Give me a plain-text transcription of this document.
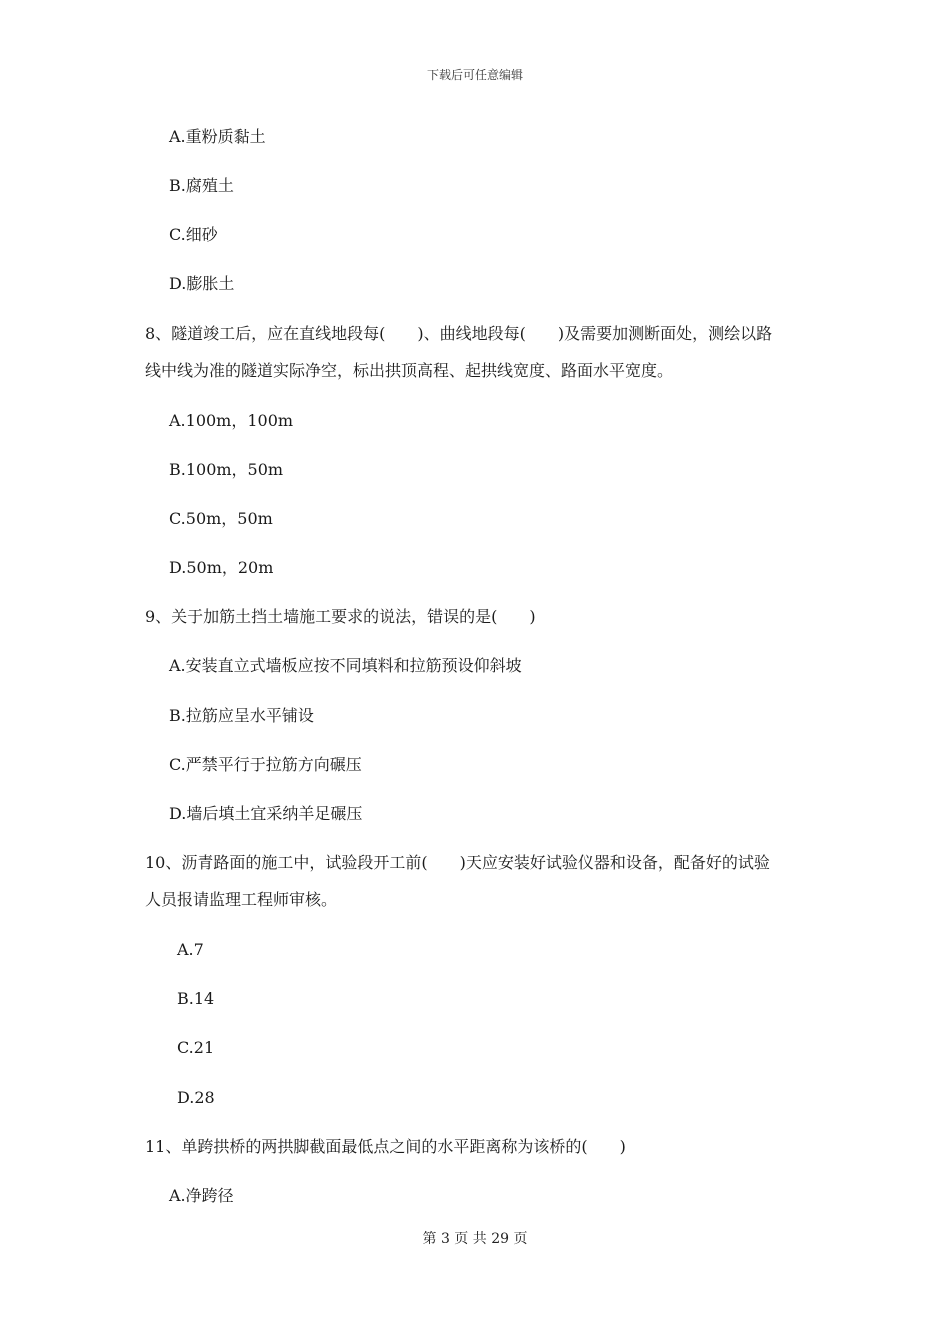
下载后可任意编辑
A.重粉质黏土
B.腐殖土
C.细砂
D.膨胀土
8、隧道竣工后，应在直线地段每(　　)、曲线地段每(　　)及需要加测断面处，测绘以路
线中线为准的隧道实际净空，标出拱顶高程、起拱线宽度、路面水平宽度。
A.100m，100m
B.100m，50m
C.50m，50m
D.50m，20m
9、关于加筋土挡土墙施工要求的说法，错误的是(　　)
A.安装直立式墙板应按不同填料和拉筋预设仰斜坡
B.拉筋应呈水平铺设
C.严禁平行于拉筋方向碾压
D.墙后填土宜采纳羊足碾压
10、沥青路面的施工中，试验段开工前(　　)天应安装好试验仪器和设备，配备好的试验
人员报请监理工程师审核。
A.7
B.14
C.21
D.28
11、单跨拱桥的两拱脚截面最低点之间的水平距离称为该桥的(　　)
A.净跨径
第 3 页 共 29 页
